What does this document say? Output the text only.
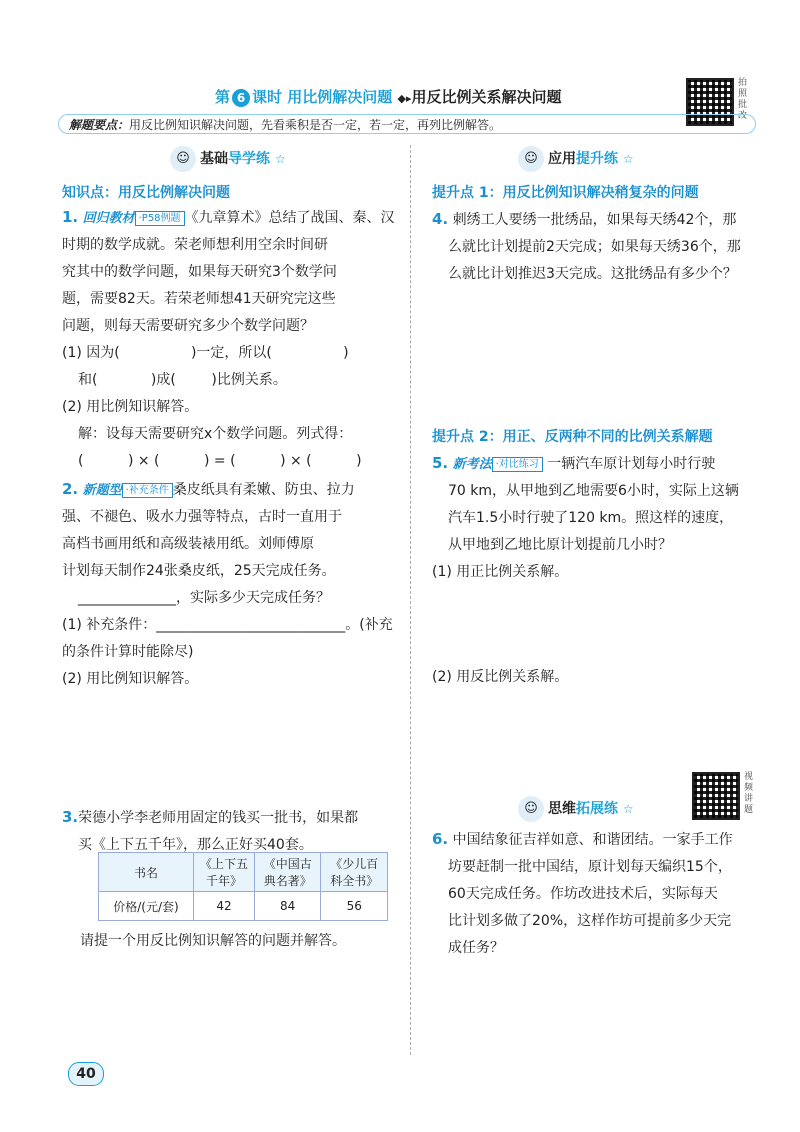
第 6 课时 用比例解决问题 ◆▸用反比例关系解决问题
拍照批改
解题要点：用反比例知识解决问题，先看乘积是否一定，若一定，再列比例解答。
☺ 基础导学练 ☆
知识点：用反比例解决问题
1. 回归教材 ·P58例题 《九章算术》总结了战国、秦、汉
时期的数学成就。荣老师想利用空余时间研
究其中的数学问题，如果每天研究3个数学问
题，需要82天。若荣老师想41天研究完这些
问题，则每天需要研究多少个数学问题？
(1) 因为(                )一定，所以(                )
和(            )成(        )比例关系。
(2) 用比例知识解答。
解：设每天需要研究x个数学问题。列式得：
(          ) × (          ) = (          ) × (          )
2. 新题型 ·补充条件 桑皮纸具有柔嫩、防虫、拉力
强、不褪色、吸水力强等特点，古时一直用于
高档书画用纸和高级装裱用纸。刘师傅原
计划每天制作24张桑皮纸，25天完成任务。
______________，实际多少天完成任务？
(1) 补充条件：___________________________。(补充
的条件计算时能除尽)
(2) 用比例知识解答。
3.荣德小学李老师用固定的钱买一批书，如果都
买《上下五千年》，那么正好买40套。
书名	《上下五千年》	《中国古典名著》	《少儿百科全书》
价格/(元/套)	42	84	56
请提一个用反比例知识解答的问题并解答。
☺ 应用提升练 ☆
提升点 1：用反比例知识解决稍复杂的问题
4. 刺绣工人要绣一批绣品，如果每天绣42个，那
么就比计划提前2天完成；如果每天绣36个，那
么就比计划推迟3天完成。这批绣品有多少个？
提升点 2：用正、反两种不同的比例关系解题
5. 新考法 ·对比练习 一辆汽车原计划每小时行驶
70 km，从甲地到乙地需要6小时，实际上这辆
汽车1.5小时行驶了120 km。照这样的速度，
从甲地到乙地比原计划提前几小时？
(1) 用正比例关系解。
(2) 用反比例关系解。
视频讲题
☺ 思维拓展练 ☆
6. 中国结象征吉祥如意、和谐团结。一家手工作
坊要赶制一批中国结，原计划每天编织15个，
60天完成任务。作坊改进技术后，实际每天
比计划多做了20%，这样作坊可提前多少天完
成任务？
40
